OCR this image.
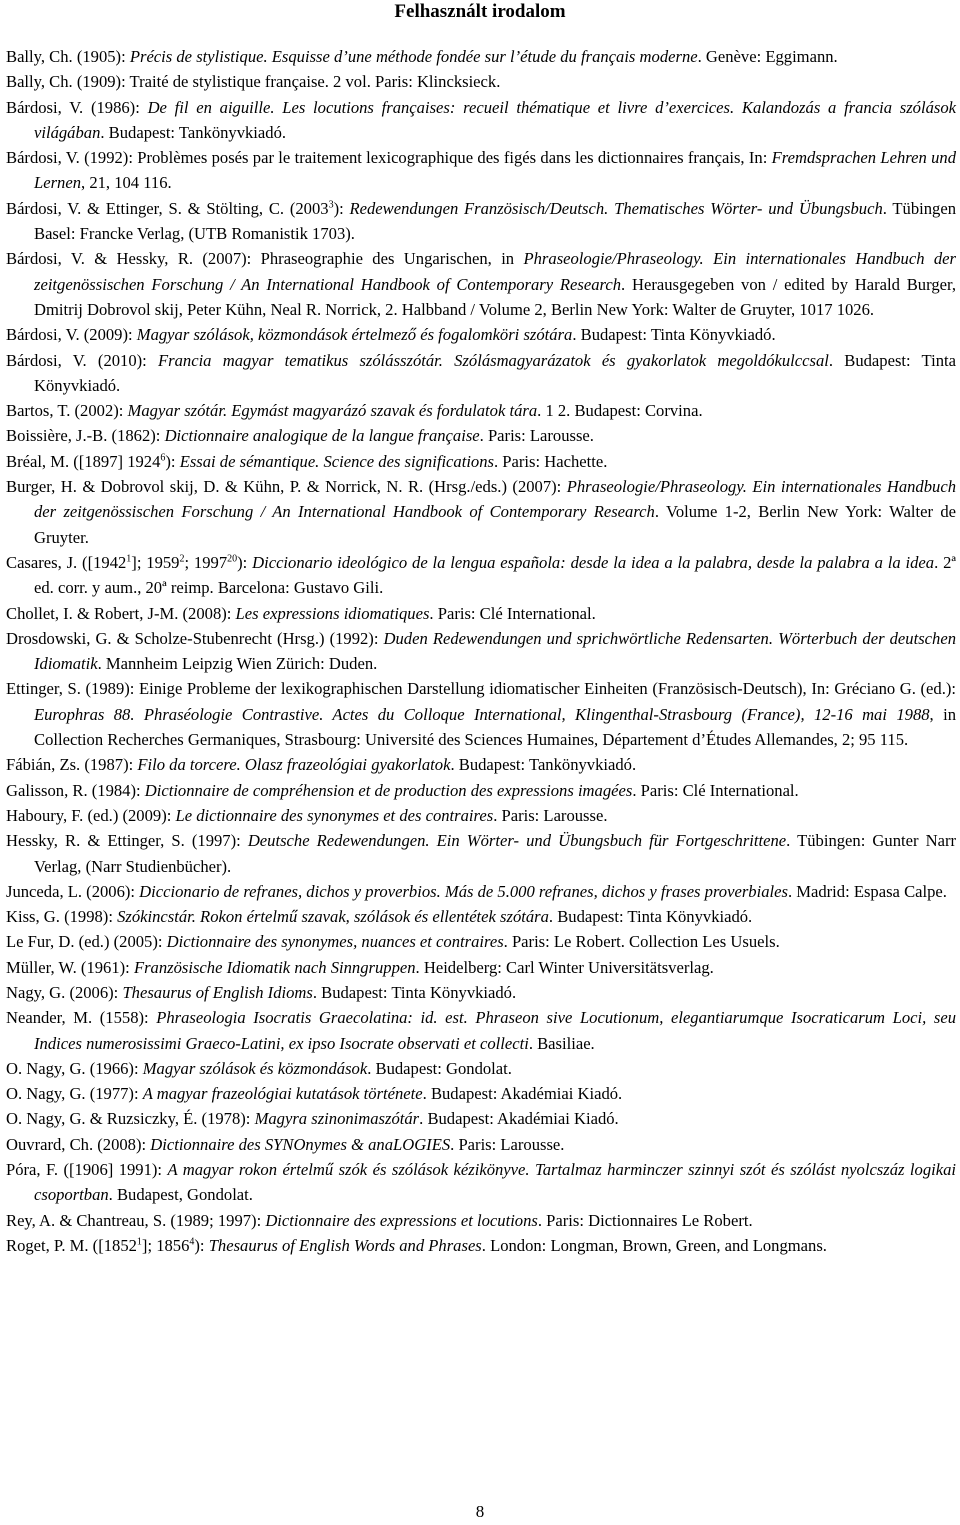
Felhasznált irodalom

Bally, Ch. (1905): Précis de stylistique. Esquisse d’une méthode fondée sur l’étude du français moderne. Genève: Eggimann.

Bally, Ch. (1909): Traité de stylistique française. 2 vol. Paris: Klincksieck.

Bárdosi, V. (1986): De fil en aiguille. Les locutions françaises: recueil thématique et livre d’exercices. Kalandozás a francia szólások világában. Budapest: Tankönyvkiadó.

Bárdosi, V. (1992): Problèmes posés par le traitement lexicographique des figés dans les dictionnaires français, In: Fremdsprachen Lehren und Lernen, 21, 104 116.

Bárdosi, V. & Ettinger, S. & Stölting, C. (2003$^3$): Redewendungen Französisch/Deutsch. Thematisches Wörter- und Übungsbuch. Tübingen Basel: Francke Verlag, (UTB Romanistik 1703).

Bárdosi, V. & Hessky, R. (2007): Phraseographie des Ungarischen, in Phraseologie/Phraseology. Ein internationales Handbuch der zeitgenössischen Forschung / An International Handbook of Contemporary Research. Herausgegeben von / edited by Harald Burger, Dmitrij Dobrovol skij, Peter Kühn, Neal R. Norrick, 2. Halbband / Volume 2, Berlin New York: Walter de Gruyter, 1017 1026.

Bárdosi, V. (2009): Magyar szólások, közmondások értelmező és fogalomköri szótára. Budapest: Tinta Könyvkiadó.

Bárdosi, V. (2010): Francia magyar tematikus szólásszótár. Szólásmagyarázatok és gyakorlatok megoldókulccsal. Budapest: Tinta Könyvkiadó.

Bartos, T. (2002): Magyar szótár. Egymást magyarázó szavak és fordulatok tára. 1 2. Budapest: Corvina.

Boissière, J.-B. (1862): Dictionnaire analogique de la langue française. Paris: Larousse.

Bréal, M. ([1897] 1924$^6$): Essai de sémantique. Science des significations. Paris: Hachette.

Burger, H. & Dobrovol skij, D. & Kühn, P. & Norrick, N. R. (Hrsg./eds.) (2007): Phraseologie/Phraseology. Ein internationales Handbuch der zeitgenössischen Forschung / An International Handbook of Contemporary Research. Volume 1-2, Berlin New York: Walter de Gruyter.

Casares, J. ([1942$^1$]; 1959$^2$; 1997$^{20}$): Diccionario ideológico de la lengua española: desde la idea a la palabra, desde la palabra a la idea. 2ª ed. corr. y aum., 20ª reimp. Barcelona: Gustavo Gili.

Chollet, I. & Robert, J-M. (2008): Les expressions idiomatiques. Paris: Clé International.

Drosdowski, G. & Scholze-Stubenrecht (Hrsg.) (1992): Duden Redewendungen und sprichwörtliche Redensarten. Wörterbuch der deutschen Idiomatik. Mannheim Leipzig Wien Zürich: Duden.

Ettinger, S. (1989): Einige Probleme der lexikographischen Darstellung idiomatischer Einheiten (Französisch-Deutsch), In: Gréciano G. (ed.): Europhras 88. Phraséologie Contrastive. Actes du Colloque International, Klingenthal-Strasbourg (France), 12-16 mai 1988, in Collection Recherches Germaniques, Strasbourg: Université des Sciences Humaines, Département d’Études Allemandes, 2; 95 115.

Fábián, Zs. (1987): Filo da torcere. Olasz frazeológiai gyakorlatok. Budapest: Tankönyvkiadó.

Galisson, R. (1984): Dictionnaire de compréhension et de production des expressions imagées. Paris: Clé International.

Haboury, F. (ed.) (2009): Le dictionnaire des synonymes et des contraires. Paris: Larousse.

Hessky, R. & Ettinger, S. (1997): Deutsche Redewendungen. Ein Wörter- und Übungsbuch für Fortgeschrittene. Tübingen: Gunter Narr Verlag, (Narr Studienbücher).

Junceda, L. (2006): Diccionario de refranes, dichos y proverbios. Más de 5.000 refranes, dichos y frases proverbiales. Madrid: Espasa Calpe.

Kiss, G. (1998): Szókincstár. Rokon értelmű szavak, szólások és ellentétek szótára. Budapest: Tinta Könyvkiadó.

Le Fur, D. (ed.) (2005): Dictionnaire des synonymes, nuances et contraires. Paris: Le Robert. Collection Les Usuels.

Müller, W. (1961): Französische Idiomatik nach Sinngruppen. Heidelberg: Carl Winter Universitätsverlag.

Nagy, G. (2006): Thesaurus of English Idioms. Budapest: Tinta Könyvkiadó.

Neander, M. (1558): Phraseologia Isocratis Graecolatina: id. est. Phraseon sive Locutionum, elegantiarumque Isocraticarum Loci, seu Indices numerosissimi Graeco-Latini, ex ipso Isocrate observati et collecti. Basiliae.

O. Nagy, G. (1966): Magyar szólások és közmondások. Budapest: Gondolat.

O. Nagy, G. (1977): A magyar frazeológiai kutatások története. Budapest: Akadémiai Kiadó.

O. Nagy, G. & Ruzsiczky, É. (1978): Magyra szinonimaszótár. Budapest: Akadémiai Kiadó.

Ouvrard, Ch. (2008): Dictionnaire des SYNOnymes & anaLOGIES. Paris: Larousse.

Póra, F. ([1906] 1991): A magyar rokon értelmű szók és szólások kézikönyve. Tartalmaz harminczer szinnyi szót és szólást nyolcszáz logikai csoportban. Budapest, Gondolat.

Rey, A. & Chantreau, S. (1989; 1997): Dictionnaire des expressions et locutions. Paris: Dictionnaires Le Robert.

Roget, P. M. ([1852$^1$]; 1856$^4$): Thesaurus of English Words and Phrases. London: Longman, Brown, Green, and Longmans.

8
